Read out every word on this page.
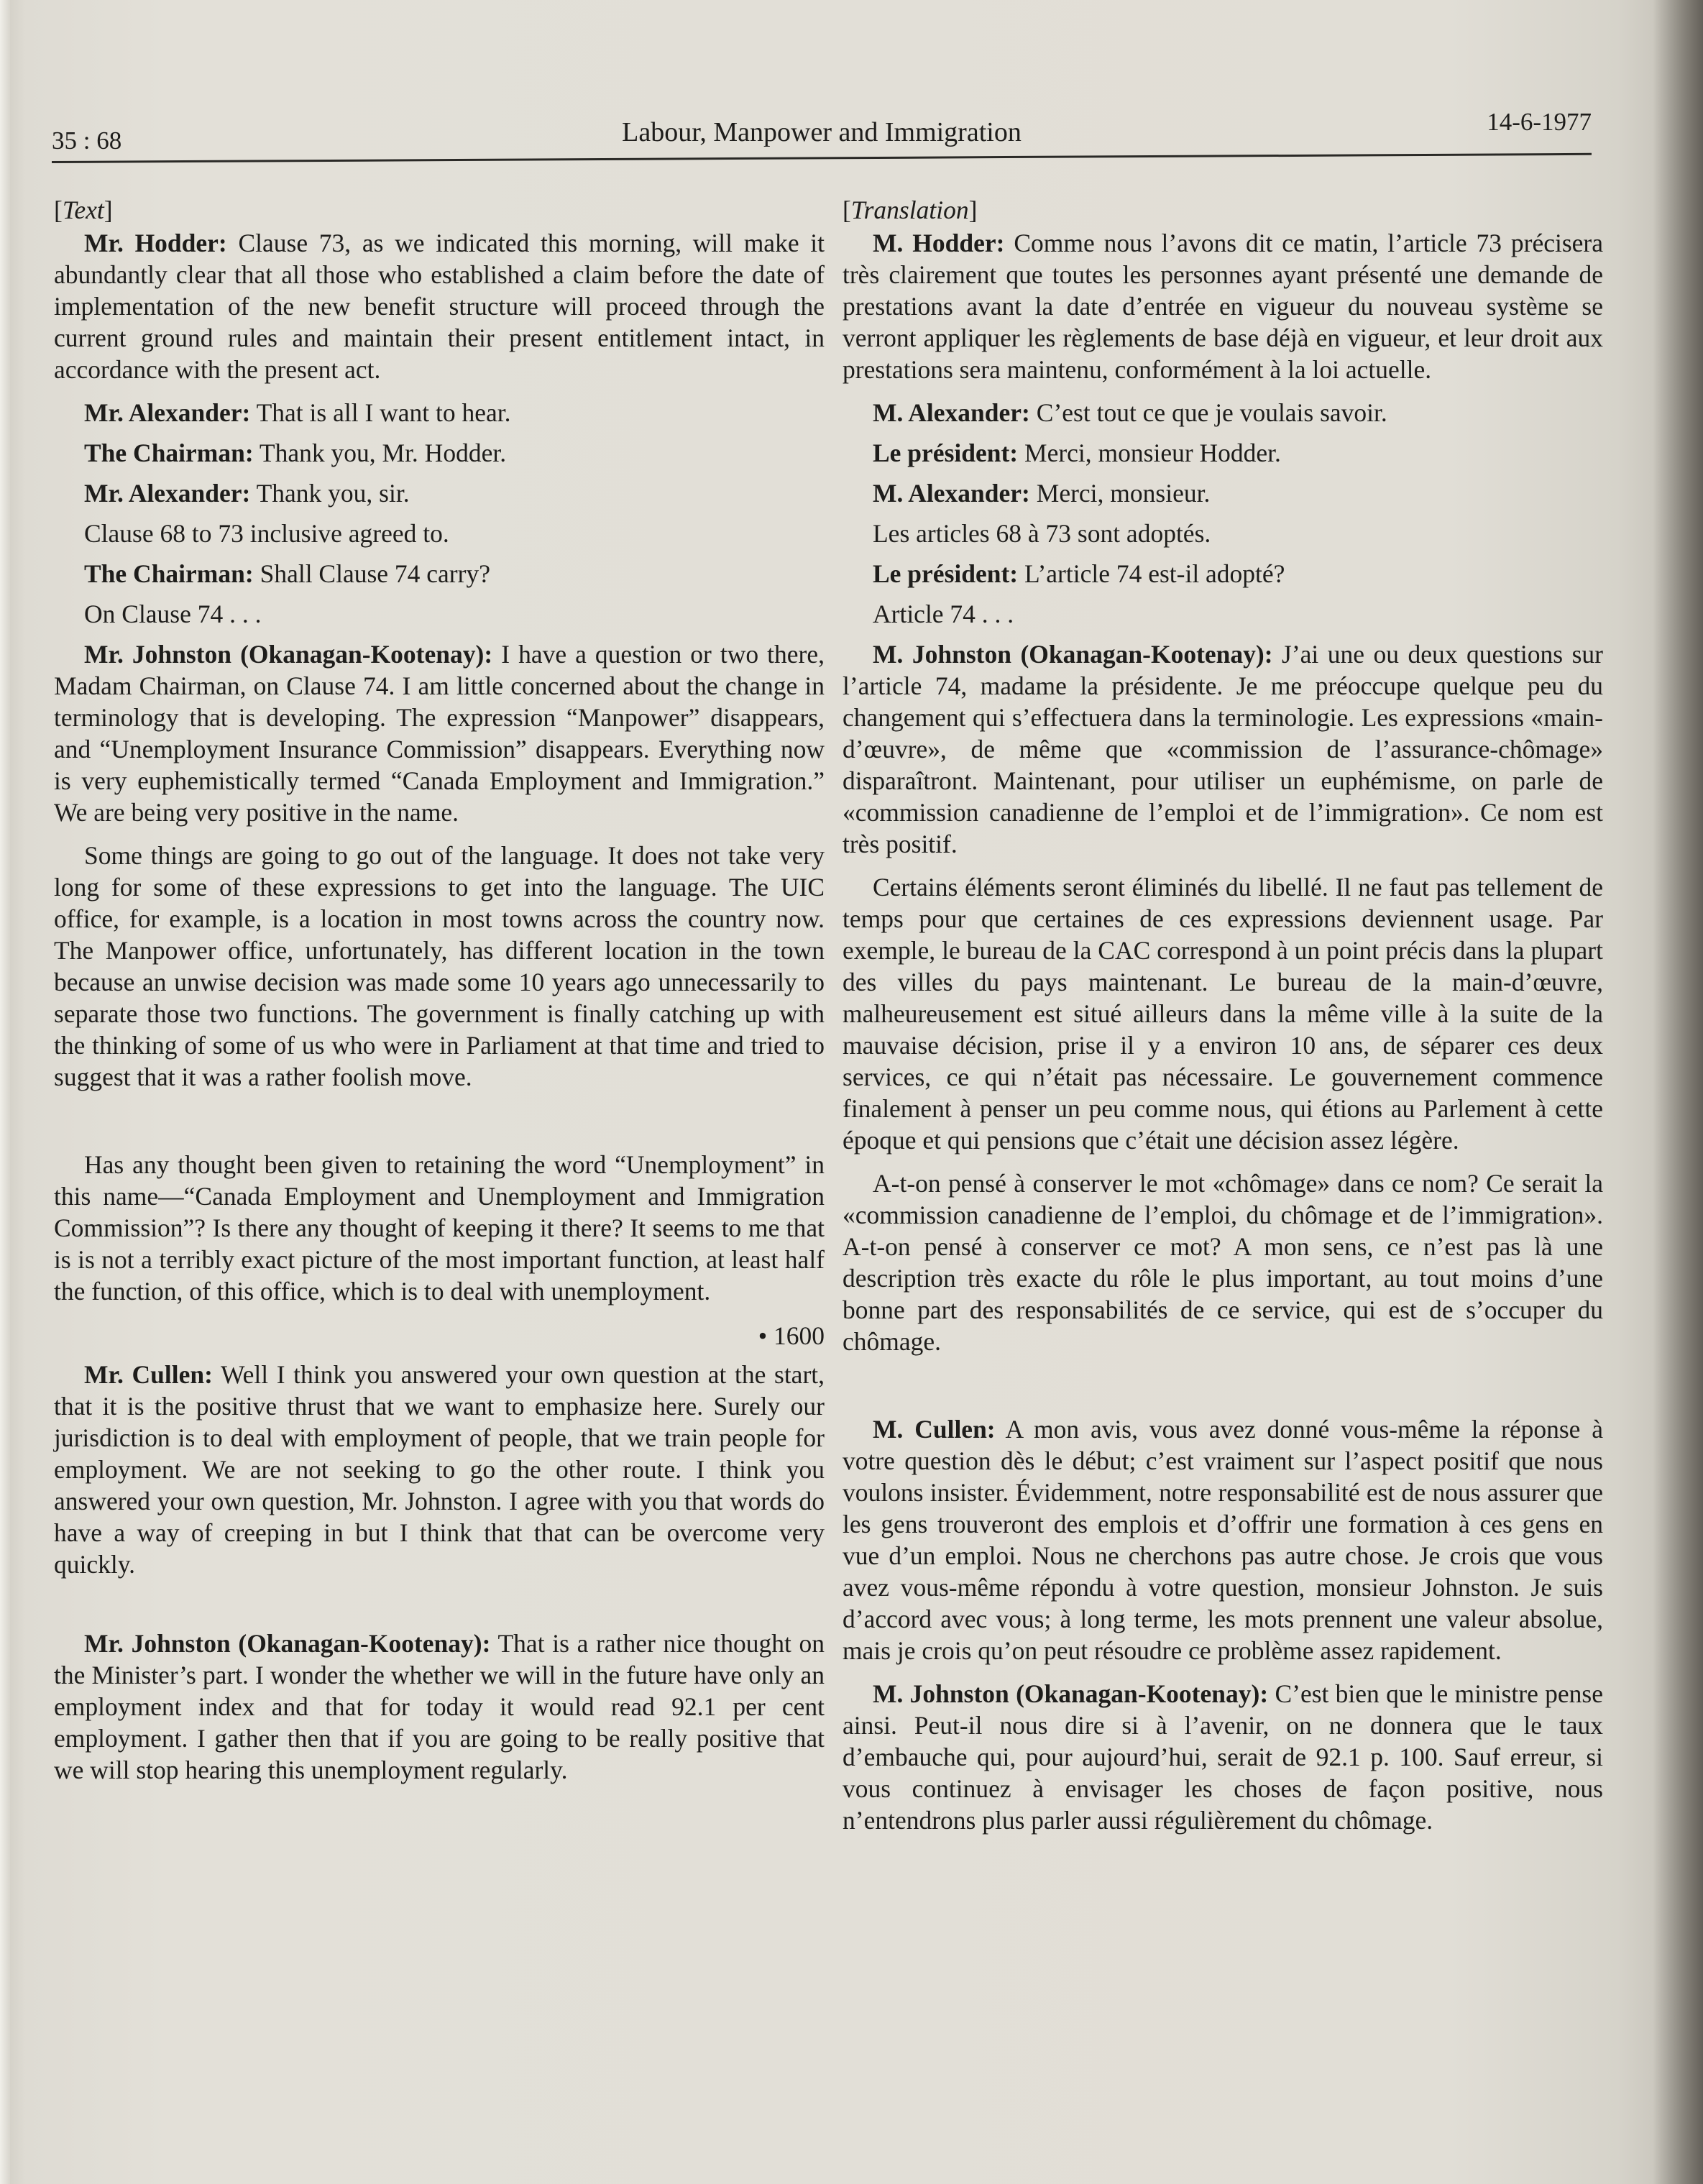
35 : 68	Labour, Manpower and Immigration	14-6-1977

[Text]

Mr. Hodder: Clause 73, as we indicated this morning, will make it abundantly clear that all those who established a claim before the date of implementation of the new benefit structure will proceed through the current ground rules and maintain their present entitlement intact, in accordance with the present act.

Mr. Alexander: That is all I want to hear.

The Chairman: Thank you, Mr. Hodder.

Mr. Alexander: Thank you, sir.

Clause 68 to 73 inclusive agreed to.

The Chairman: Shall Clause 74 carry?

On Clause 74 . . .

Mr. Johnston (Okanagan-Kootenay): I have a question or two there, Madam Chairman, on Clause 74. I am little concerned about the change in terminology that is developing. The expression “Manpower” disappears, and “Unemployment Insurance Commission” disappears. Everything now is very euphemistically termed “Canada Employment and Immigration.” We are being very positive in the name.

Some things are going to go out of the language. It does not take very long for some of these expressions to get into the language. The UIC office, for example, is a location in most towns across the country now. The Manpower office, unfortunately, has different location in the town because an unwise decision was made some 10 years ago unnecessarily to separate those two functions. The government is finally catching up with the thinking of some of us who were in Parliament at that time and tried to suggest that it was a rather foolish move.

Has any thought been given to retaining the word “Unemployment” in this name—“Canada Employment and Unemployment and Immigration Commission”? Is there any thought of keeping it there? It seems to me that is is not a terribly exact picture of the most important function, at least half the function, of this office, which is to deal with unemployment.

• 1600

Mr. Cullen: Well I think you answered your own question at the start, that it is the positive thrust that we want to emphasize here. Surely our jurisdiction is to deal with employment of people, that we train people for employment. We are not seeking to go the other route. I think you answered your own question, Mr. Johnston. I agree with you that words do have a way of creeping in but I think that that can be overcome very quickly.

Mr. Johnston (Okanagan-Kootenay): That is a rather nice thought on the Minister’s part. I wonder the whether we will in the future have only an employment index and that for today it would read 92.1 per cent employment. I gather then that if you are going to be really positive that we will stop hearing this unemployment regularly.

[Translation]

M. Hodder: Comme nous l’avons dit ce matin, l’article 73 précisera très clairement que toutes les personnes ayant présenté une demande de prestations avant la date d’entrée en vigueur du nouveau système se verront appliquer les règlements de base déjà en vigueur, et leur droit aux prestations sera maintenu, conformément à la loi actuelle.

M. Alexander: C’est tout ce que je voulais savoir.

Le président: Merci, monsieur Hodder.

M. Alexander: Merci, monsieur.

Les articles 68 à 73 sont adoptés.

Le président: L’article 74 est-il adopté?

Article 74 . . .

M. Johnston (Okanagan-Kootenay): J’ai une ou deux questions sur l’article 74, madame la présidente. Je me préoccupe quelque peu du changement qui s’effectuera dans la terminologie. Les expressions «main-d’œuvre», de même que «commission de l’assurance-chômage» disparaîtront. Maintenant, pour utiliser un euphémisme, on parle de «commission canadienne de l’emploi et de l’immigration». Ce nom est très positif.

Certains éléments seront éliminés du libellé. Il ne faut pas tellement de temps pour que certaines de ces expressions deviennent usage. Par exemple, le bureau de la CAC correspond à un point précis dans la plupart des villes du pays maintenant. Le bureau de la main-d’œuvre, malheureusement est situé ailleurs dans la même ville à la suite de la mauvaise décision, prise il y a environ 10 ans, de séparer ces deux services, ce qui n’était pas nécessaire. Le gouvernement commence finalement à penser un peu comme nous, qui étions au Parlement à cette époque et qui pensions que c’était une décision assez légère.

A-t-on pensé à conserver le mot «chômage» dans ce nom? Ce serait la «commission canadienne de l’emploi, du chômage et de l’immigration». A-t-on pensé à conserver ce mot? A mon sens, ce n’est pas là une description très exacte du rôle le plus important, au tout moins d’une bonne part des responsabilités de ce service, qui est de s’occuper du chômage.

M. Cullen: A mon avis, vous avez donné vous-même la réponse à votre question dès le début; c’est vraiment sur l’aspect positif que nous voulons insister. Évidemment, notre responsabilité est de nous assurer que les gens trouveront des emplois et d’offrir une formation à ces gens en vue d’un emploi. Nous ne cherchons pas autre chose. Je crois que vous avez vous-même répondu à votre question, monsieur Johnston. Je suis d’accord avec vous; à long terme, les mots prennent une valeur absolue, mais je crois qu’on peut résoudre ce problème assez rapidement.

M. Johnston (Okanagan-Kootenay): C’est bien que le ministre pense ainsi. Peut-il nous dire si à l’avenir, on ne donnera que le taux d’embauche qui, pour aujourd’hui, serait de 92.1 p. 100. Sauf erreur, si vous continuez à envisager les choses de façon positive, nous n’entendrons plus parler aussi régulièrement du chômage.
